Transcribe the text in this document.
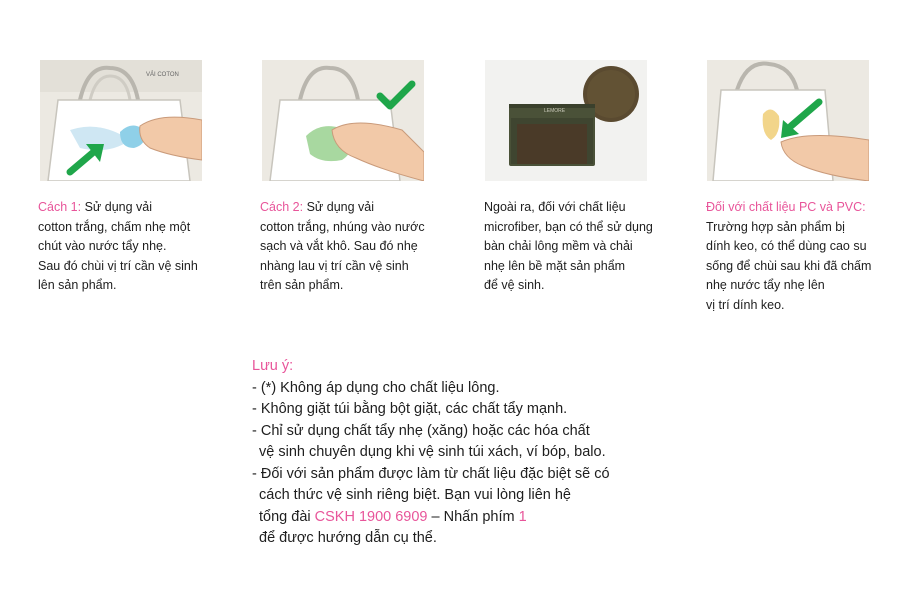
VẢI COTON
LEMORE
Cách 1: Sử dụng vải
cotton trắng, chấm nhẹ một
chút vào nước tẩy nhẹ.
Sau đó chùi vị trí cần vệ sinh
lên sản phẩm.
Cách 2: Sử dụng vải
cotton trắng, nhúng vào nước
sạch và vắt khô. Sau đó nhẹ
nhàng lau vị trí cần vệ sinh
trên sản phẩm.
Ngoài ra, đối với chất liệu
microfiber, bạn có thể sử dụng
bàn chải lông mềm và chải
nhẹ lên bề mặt sản phẩm
để vệ sinh.
Đối với chất liệu PC và PVC:
Trường hợp sản phẩm bị
dính keo, có thể dùng cao su
sống để chùi sau khi đã chấm
nhẹ nước tẩy nhẹ lên
vị trí dính keo.
Lưu ý:
- (*) Không áp dụng cho chất liệu lông.
- Không giặt túi bằng bột giặt, các chất tẩy mạnh.
- Chỉ sử dụng chất tẩy nhẹ (xăng) hoặc các hóa chất
vệ sinh chuyên dụng khi vệ sinh túi xách, ví bóp, balo.
- Đối với sản phẩm được làm từ chất liệu đặc biệt sẽ có
cách thức vệ sinh riêng biệt. Bạn vui lòng liên hệ
tổng đài CSKH 1900 6909 – Nhấn phím 1
để được hướng dẫn cụ thể.
